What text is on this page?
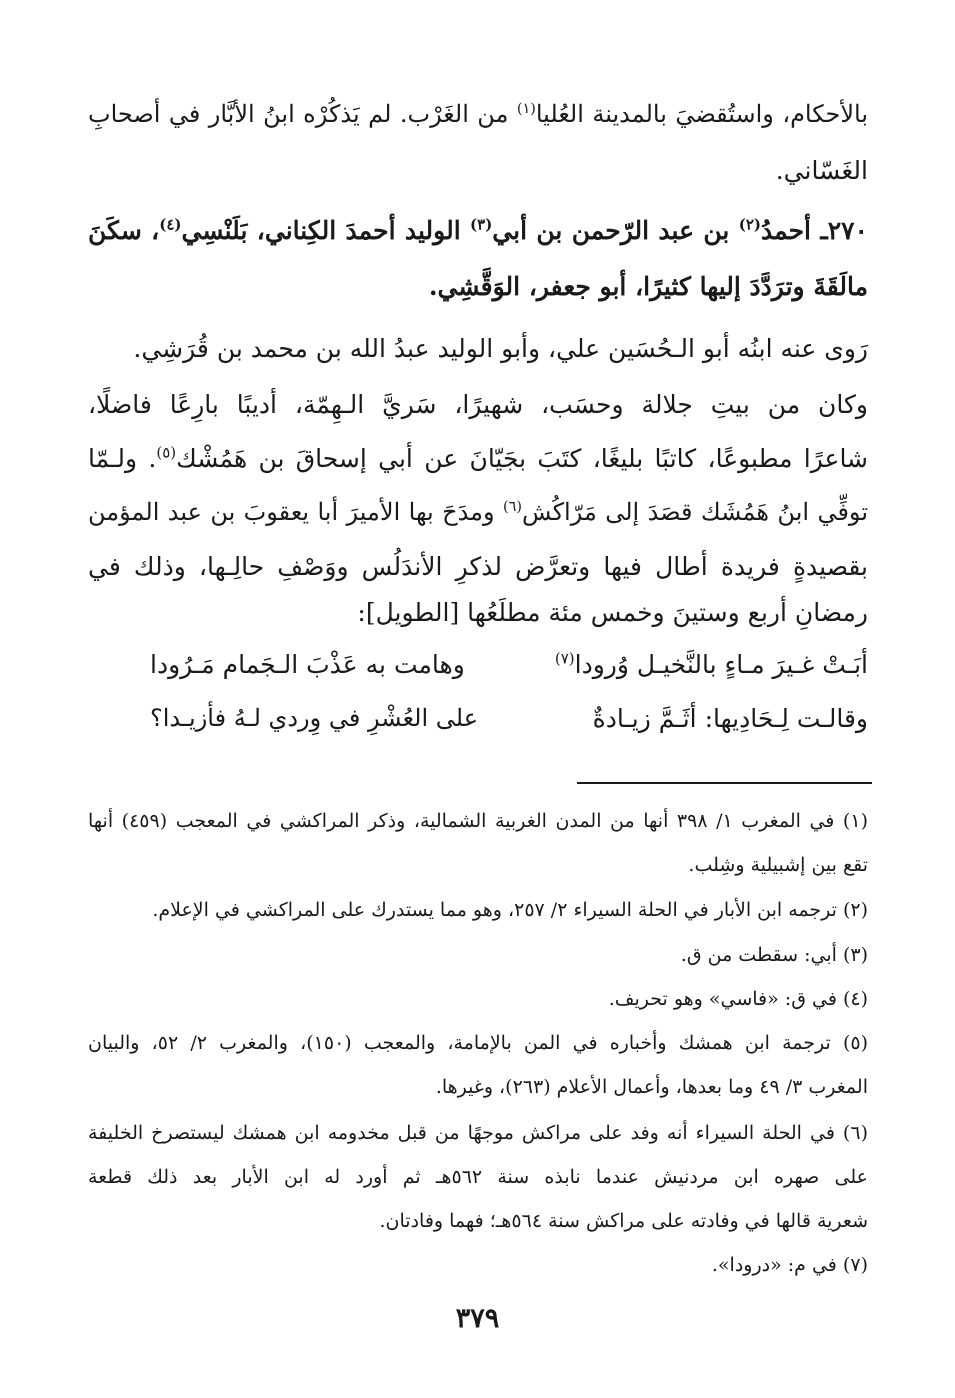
بالأحكام، واستُقضيَ بالمدينة العُليا$^{(١)}$ من الغَرْب. لم يَذكُرْه ابنُ الأبَّار في أصحابِ
الغَسّاني.
٢٧٠ـ أحمدُ$^{(٢)}$ بن عبد الرّحمن بن أبي$^{(٣)}$ الوليد أحمدَ الكِناني، بَلَنْسِي$^{(٤)}$، سكَنَ
مالَقَةَ وترَدَّدَ إليها كثيرًا، أبو جعفر، الوَقَّشِي.
رَوى عنه ابنُه أبو الـحُسَين علي، وأبو الوليد عبدُ الله بن محمد بن قُرَشِي.
وكان من بيتِ جلالة وحسَب، شهيرًا، سَريَّ الـهِمّة، أديبًا بارِعًا فاضلًا،
شاعرًا مطبوعًا، كاتبًا بليغًا، كتَبَ بجَيّانَ عن أبي إسحاقَ بن هَمُشْك$^{(٥)}$. ولـمّا
توفِّي ابنُ هَمُشَك قصَدَ إلى مَرّاكُش$^{(٦)}$ ومدَحَ بها الأميرَ أبا يعقوبَ بن عبد المؤمن
بقصيدةٍ فريدة أطال فيها وتعرَّض لذكرِ الأندَلُس ووَصْفِ حالِـها، وذلك في
رمضانِ أربع وستينَ وخمس مئة مطلَعُها [الطويل]:
أبَـتْ غـيرَ مـاءٍ بالنَّخيـل وُرودا$^{(٧)}$
وهامت به عَذْبَ الـجَمام مَـرُودا
وقالـت لِـحَادِيها: أثَـمَّ زيـادةٌ
على العُشْرِ في وِردي لـهُ فأزيـدا؟
(١) في المغرب ١/ ٣٩٨ أنها من المدن الغربية الشمالية، وذكر المراكشي في المعجب (٤٥٩) أنها
تقع بين إشبيلية وشِلب.
(٢) ترجمه ابن الأبار في الحلة السيراء ٢/ ٢٥٧، وهو مما يستدرك على المراكشي في الإعلام.
(٣) أبي: سقطت من ق.
(٤) في ق: «فاسي» وهو تحريف.
(٥) ترجمة ابن همشك وأخباره في المن بالإمامة، والمعجب (١٥٠)، والمغرب ٢/ ٥٢، والبيان
المغرب ٣/ ٤٩ وما بعدها، وأعمال الأعلام (٢٦٣)، وغيرها.
(٦) في الحلة السيراء أنه وفد على مراكش موجهًا من قبل مخدومه ابن همشك ليستصرخ الخليفة
على صهره ابن مردنيش عندما نابذه سنة ٥٦٢هـ ثم أورد له ابن الأبار بعد ذلك قطعة
شعرية قالها في وفادته على مراكش سنة ٥٦٤هـ؛ فهما وفادتان.
(٧) في م: «درودا».
٣٧٩
